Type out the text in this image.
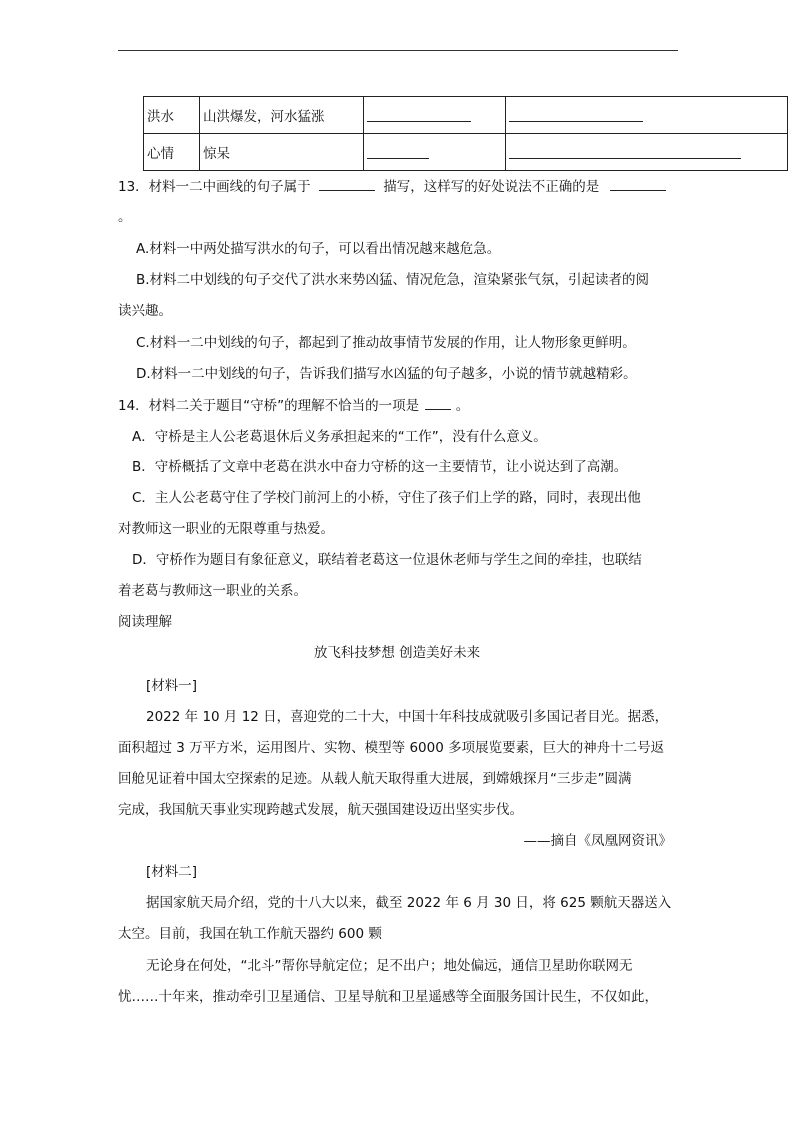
洪水	山洪爆发，河水猛涨		
心情	惊呆		
13．材料一二中画线的句子属于	描写，这样写的好处说法不正确的是
。
A.材料一中两处描写洪水的句子，可以看出情况越来越危急。
B.材料二中划线的句子交代了洪水来势凶猛、情况危急，渲染紧张气氛，引起读者的阅
读兴趣。
C.材料一二中划线的句子，都起到了推动故事情节发展的作用，让人物形象更鲜明。
D.材料一二中划线的句子，告诉我们描写水凶猛的句子越多，小说的情节就越精彩。
14．材料二关于题目“守桥”的理解不恰当的一项是	。
A．守桥是主人公老葛退休后义务承担起来的“工作”，没有什么意义。
B．守桥概括了文章中老葛在洪水中奋力守桥的这一主要情节，让小说达到了高潮。
C．主人公老葛守住了学校门前河上的小桥，守住了孩子们上学的路，同时，表现出他
对教师这一职业的无限尊重与热爱。
D．守桥作为题目有象征意义，联结着老葛这一位退休老师与学生之间的牵挂，也联结
着老葛与教师这一职业的关系。
阅读理解
放飞科技梦想 创造美好未来
[材料一]
2022 年 10 月 12 日，喜迎党的二十大，中国十年科技成就吸引多国记者目光。据悉，
面积超过 3 万平方米，运用图片、实物、模型等 6000 多项展览要素，巨大的神舟十二号返
回舱见证着中国太空探索的足迹。从载人航天取得重大进展，到嫦娥探月“三步走”圆满
完成，我国航天事业实现跨越式发展，航天强国建设迈出坚实步伐。
——摘自《凤凰网资讯》
[材料二]
据国家航天局介绍，党的十八大以来，截至 2022 年 6 月 30 日，将 625 颗航天器送入
太空。目前，我国在轨工作航天器约 600 颗
无论身在何处，“北斗”帮你导航定位；足不出户；地处偏远，通信卫星助你联网无
忧……十年来，推动牵引卫星通信、卫星导航和卫星遥感等全面服务国计民生，不仅如此，
